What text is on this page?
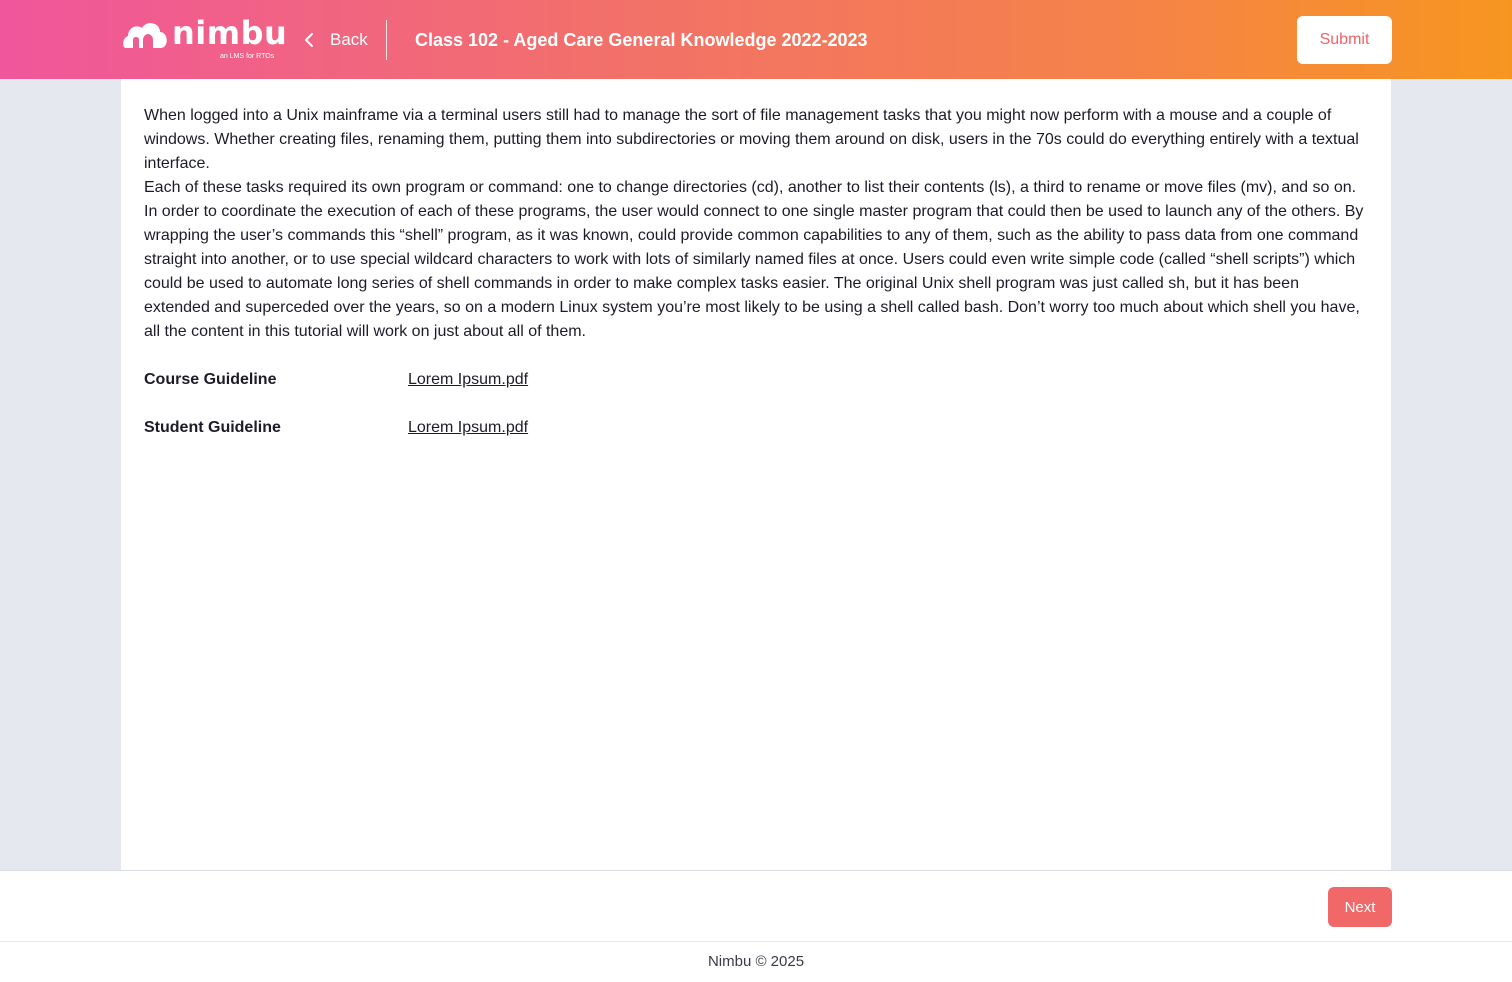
nimbu
an LMS for RTOs
Back	Class 102 - Aged Care General Knowledge 2022-2023	Submit

When logged into a Unix mainframe via a terminal users still had to manage the sort of file management tasks that you might now perform with a mouse and a couple of windows. Whether creating files, renaming them, putting them into subdirectories or moving them around on disk, users in the 70s could do everything entirely with a textual interface.

Each of these tasks required its own program or command: one to change directories (cd), another to list their contents (ls), a third to rename or move files (mv), and so on. In order to coordinate the execution of each of these programs, the user would connect to one single master program that could then be used to launch any of the others. By wrapping the user’s commands this “shell” program, as it was known, could provide common capabilities to any of them, such as the ability to pass data from one command straight into another, or to use special wildcard characters to work with lots of similarly named files at once. Users could even write simple code (called “shell scripts”) which could be used to automate long series of shell commands in order to make complex tasks easier. The original Unix shell program was just called sh, but it has been extended and superceded over the years, so on a modern Linux system you’re most likely to be using a shell called bash. Don’t worry too much about which shell you have, all the content in this tutorial will work on just about all of them.

Course Guideline	Lorem Ipsum.pdf
Student Guideline	Lorem Ipsum.pdf
Next
Nimbu © 2025
